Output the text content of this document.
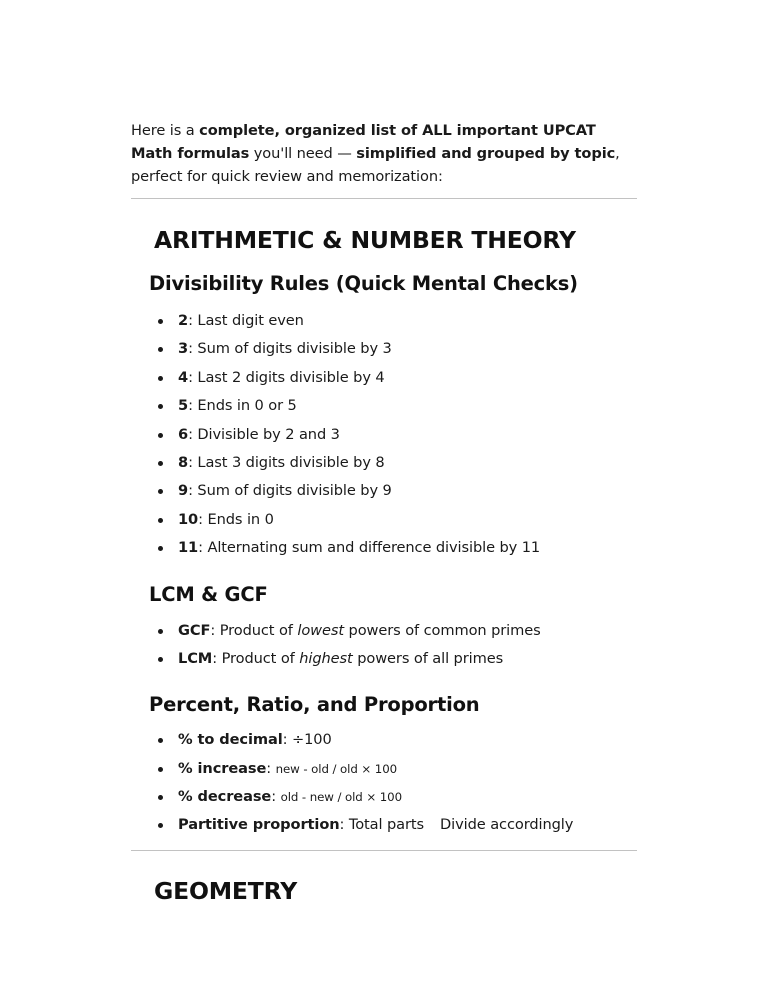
Here is a complete, organized list of ALL important UPCAT Math formulas you'll need — simplified and grouped by topic, perfect for quick review and memorization:

ARITHMETIC & NUMBER THEORY
Divisibility Rules (Quick Mental Checks)
2: Last digit even
3: Sum of digits divisible by 3
4: Last 2 digits divisible by 4
5: Ends in 0 or 5
6: Divisible by 2 and 3
8: Last 3 digits divisible by 8
9: Sum of digits divisible by 9
10: Ends in 0
11: Alternating sum and difference divisible by 11
LCM & GCF
GCF: Product of lowest powers of common primes
LCM: Product of highest powers of all primes
Percent, Ratio, and Proportion
% to decimal: ÷100
% increase: new - old / old × 100
% decrease: old - new / old × 100
Partitive proportion: Total parts Divide accordingly
GEOMETRY
